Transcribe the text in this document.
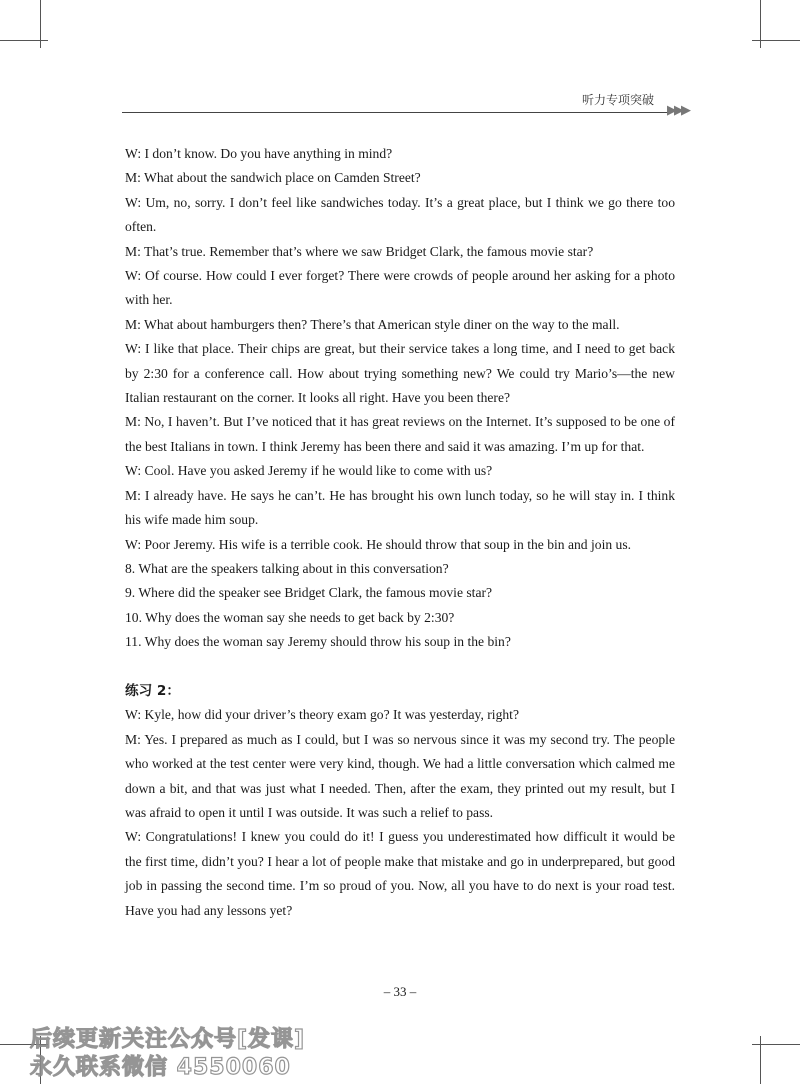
听力专项突破
▶▶▶

W: I don’t know. Do you have anything in mind?

M: What about the sandwich place on Camden Street?

W: Um, no, sorry. I don’t feel like sandwiches today. It’s a great place, but I think we go there too often.

M: That’s true. Remember that’s where we saw Bridget Clark, the famous movie star?

W: Of course. How could I ever forget? There were crowds of people around her asking for a photo with her.

M: What about hamburgers then? There’s that American style diner on the way to the mall.

W: I like that place. Their chips are great, but their service takes a long time, and I need to get back by 2:30 for a conference call. How about trying something new? We could try Mario’s—the new Italian restaurant on the corner. It looks all right. Have you been there?

M: No, I haven’t. But I’ve noticed that it has great reviews on the Internet. It’s supposed to be one of the best Italians in town. I think Jeremy has been there and said it was amazing. I’m up for that.

W: Cool. Have you asked Jeremy if he would like to come with us?

M: I already have. He says he can’t. He has brought his own lunch today, so he will stay in. I think his wife made him soup.

W: Poor Jeremy. His wife is a terrible cook. He should throw that soup in the bin and join us.

8. What are the speakers talking about in this conversation?

9. Where did the speaker see Bridget Clark, the famous movie star?

10. Why does the woman say she needs to get back by 2:30?

11. Why does the woman say Jeremy should throw his soup in the bin?

练习 2：

W: Kyle, how did your driver’s theory exam go? It was yesterday, right?

M: Yes. I prepared as much as I could, but I was so nervous since it was my second try. The people who worked at the test center were very kind, though. We had a little conversation which calmed me down a bit, and that was just what I needed. Then, after the exam, they printed out my result, but I was afraid to open it until I was outside. It was such a relief to pass.

W: Congratulations! I knew you could do it! I guess you underestimated how difficult it would be the first time, didn’t you? I hear a lot of people make that mistake and go in underprepared, but good job in passing the second time. I’m so proud of you. Now, all you have to do next is your road test. Have you had any lessons yet?

– 33 –
后续更新关注公众号[发课]
永久联系微信 4550060
